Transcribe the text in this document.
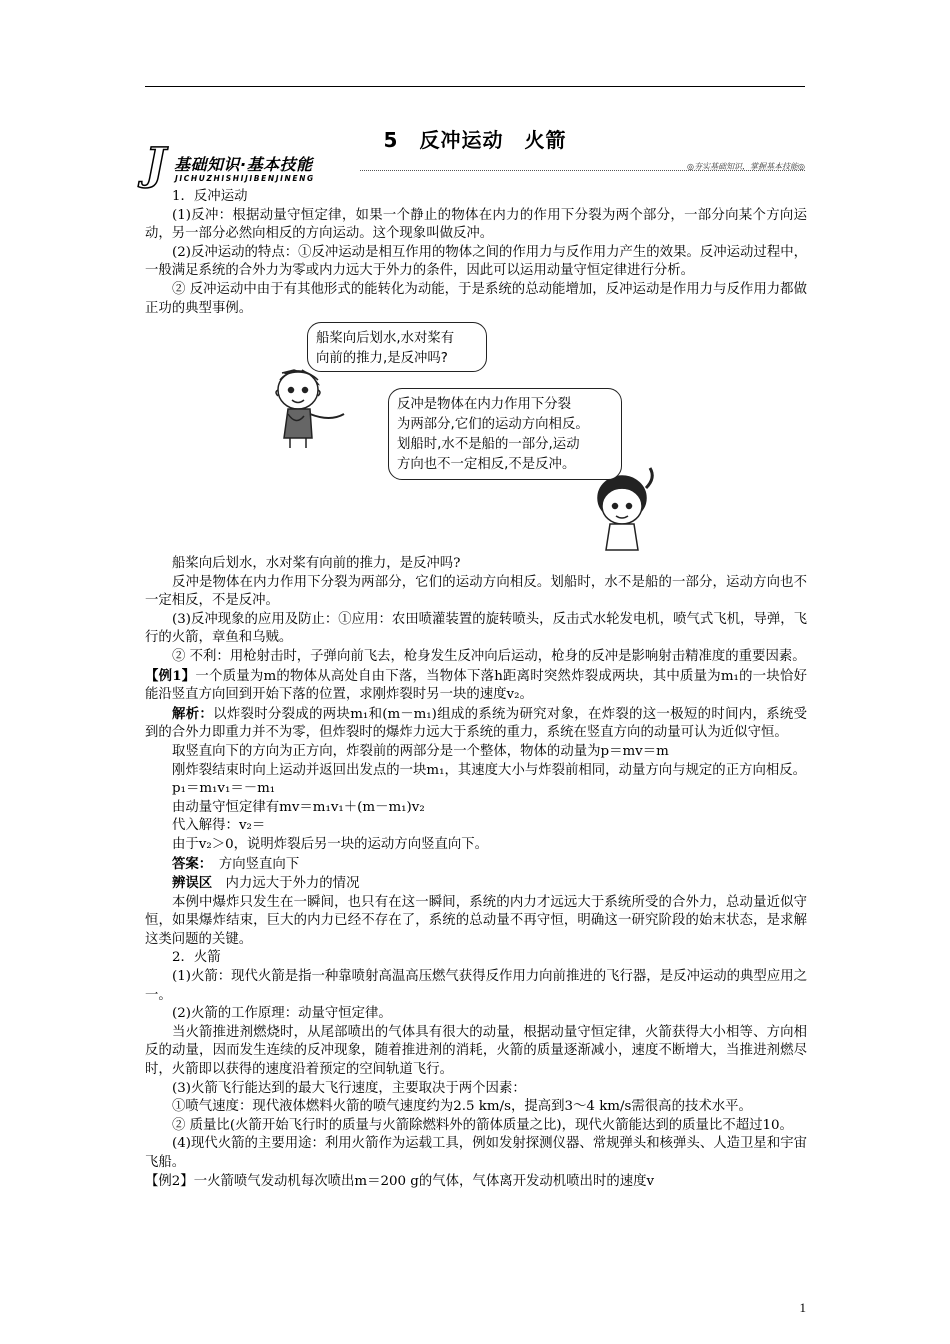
5　反冲运动　火箭
J 基础知识·基本技能
JICHUZHISHIJIBENJINENG
◎夯实基础知识，掌握基本技能◎

1．反冲运动

(1)反冲：根据动量守恒定律，如果一个静止的物体在内力的作用下分裂为两个部分，一部分向某个方向运动，另一部分必然向相反的方向运动。这个现象叫做反冲。

(2)反冲运动的特点：①反冲运动是相互作用的物体之间的作用力与反作用力产生的效果。反冲运动过程中，一般满足系统的合外力为零或内力远大于外力的条件，因此可以运用动量守恒定律进行分析。

② 反冲运动中由于有其他形式的能转化为动能，于是系统的总动能增加，反冲运动是作用力与反作用力都做正功的典型事例。

船桨向后划水,水对桨有
向前的推力,是反冲吗?
反冲是物体在内力作用下分裂
为两部分,它们的运动方向相反。
划船时,水不是船的一部分,运动
方向也不一定相反,不是反冲。

船桨向后划水，水对桨有向前的推力，是反冲吗?

反冲是物体在内力作用下分裂为两部分，它们的运动方向相反。划船时，水不是船的一部分，运动方向也不一定相反，不是反冲。

(3)反冲现象的应用及防止：①应用：农田喷灌装置的旋转喷头，反击式水轮发电机，喷气式飞机，导弹，飞行的火箭，章鱼和乌贼。

② 不利：用枪射击时，子弹向前飞去，枪身发生反冲向后运动，枪身的反冲是影响射击精准度的重要因素。

【例1】一个质量为m的物体从高处自由下落，当物体下落h距离时突然炸裂成两块，其中质量为m₁的一块恰好能沿竖直方向回到开始下落的位置，求刚炸裂时另一块的速度v₂。

解析：以炸裂时分裂成的两块m₁和(m－m₁)组成的系统为研究对象，在炸裂的这一极短的时间内，系统受到的合外力即重力并不为零，但炸裂时的爆炸力远大于系统的重力，系统在竖直方向的动量可认为近似守恒。

取竖直向下的方向为正方向，炸裂前的两部分是一个整体，物体的动量为p＝mv＝m

刚炸裂结束时向上运动并返回出发点的一块m₁，其速度大小与炸裂前相同，动量方向与规定的正方向相反。

p₁＝m₁v₁＝－m₁

由动量守恒定律有mv＝m₁v₁＋(m－m₁)v₂

代入解得：v₂＝

由于v₂＞0，说明炸裂后另一块的运动方向竖直向下。

答案：　方向竖直向下

辨误区　内力远大于外力的情况

本例中爆炸只发生在一瞬间，也只有在这一瞬间，系统的内力才远远大于系统所受的合外力，总动量近似守恒，如果爆炸结束，巨大的内力已经不存在了，系统的总动量不再守恒，明确这一研究阶段的始末状态，是求解这类问题的关键。

2．火箭

(1)火箭：现代火箭是指一种靠喷射高温高压燃气获得反作用力向前推进的飞行器，是反冲运动的典型应用之一。

(2)火箭的工作原理：动量守恒定律。

当火箭推进剂燃烧时，从尾部喷出的气体具有很大的动量，根据动量守恒定律，火箭获得大小相等、方向相反的动量，因而发生连续的反冲现象，随着推进剂的消耗，火箭的质量逐渐减小，速度不断增大，当推进剂燃尽时，火箭即以获得的速度沿着预定的空间轨道飞行。

(3)火箭飞行能达到的最大飞行速度，主要取决于两个因素：

①喷气速度：现代液体燃料火箭的喷气速度约为2.5 km/s，提高到3～4 km/s需很高的技术水平。

② 质量比(火箭开始飞行时的质量与火箭除燃料外的箭体质量之比)，现代火箭能达到的质量比不超过10。

(4)现代火箭的主要用途：利用火箭作为运载工具，例如发射探测仪器、常规弹头和核弹头、人造卫星和宇宙飞船。

【例2】一火箭喷气发动机每次喷出m＝200 g的气体，气体离开发动机喷出时的速度v

1
